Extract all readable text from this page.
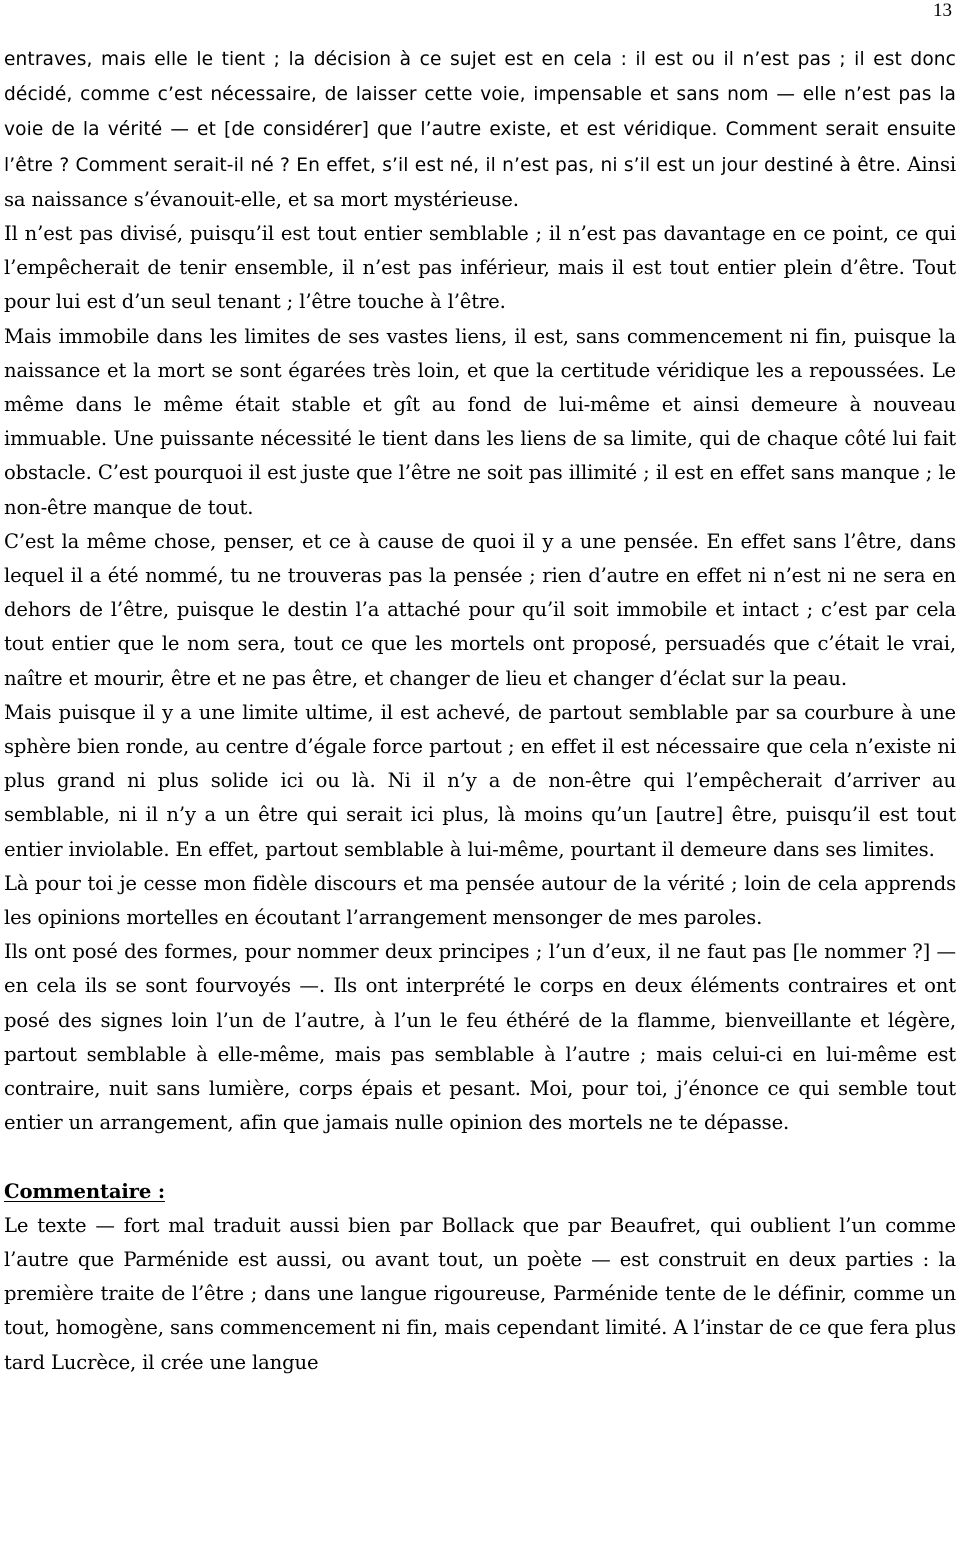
13

entraves, mais elle le tient ; la décision à ce sujet est en cela : il est ou il n’est pas ; il est donc décidé, comme c’est nécessaire, de laisser cette voie, impensable et sans nom — elle n’est pas la voie de la vérité — et [de considérer] que l’autre existe, et est véridique. Comment serait ensuite l’être ? Comment serait-il né ? En effet, s’il est né, il n’est pas, ni s’il est un jour destiné à être. Ainsi sa naissance s’évanouit-elle, et sa mort mystérieuse.

Il n’est pas divisé, puisqu’il est tout entier semblable ; il n’est pas davantage en ce point, ce qui l’empêcherait de tenir ensemble, il n’est pas inférieur, mais il est tout entier plein d’être. Tout pour lui est d’un seul tenant ; l’être touche à l’être.

Mais immobile dans les limites de ses vastes liens, il est, sans commencement ni fin, puisque la naissance et la mort se sont égarées très loin, et que la certitude véridique les a repoussées. Le même dans le même était stable et gît au fond de lui-même et ainsi demeure à nouveau immuable. Une puissante nécessité le tient dans les liens de sa limite, qui de chaque côté lui fait obstacle. C’est pourquoi il est juste que l’être ne soit pas illimité ; il est en effet sans manque ; le non-être manque de tout.

C’est la même chose, penser, et ce à cause de quoi il y a une pensée. En effet sans l’être, dans lequel il a été nommé, tu ne trouveras pas la pensée ; rien d’autre en effet ni n’est ni ne sera en dehors de l’être, puisque le destin l’a attaché pour qu’il soit immobile et intact ; c’est par cela tout entier que le nom sera, tout ce que les mortels ont proposé, persuadés que c’était le vrai, naître et mourir, être et ne pas être, et changer de lieu et changer d’éclat sur la peau.

Mais puisque il y a une limite ultime, il est achevé, de partout semblable par sa courbure à une sphère bien ronde, au centre d’égale force partout ; en effet il est nécessaire que cela n’existe ni plus grand ni plus solide ici ou là. Ni il n’y a de non-être qui l’empêcherait d’arriver au semblable, ni il n’y a un être qui serait ici plus, là moins qu’un [autre] être, puisqu’il est tout entier inviolable. En effet, partout semblable à lui-même, pourtant il demeure dans ses limites.

Là pour toi je cesse mon fidèle discours et ma pensée autour de la vérité ; loin de cela apprends les opinions mortelles en écoutant l’arrangement mensonger de mes paroles.

Ils ont posé des formes, pour nommer deux principes ; l’un d’eux, il ne faut pas [le nommer ?] — en cela ils se sont fourvoyés —. Ils ont interprété le corps en deux éléments contraires et ont posé des signes loin l’un de l’autre, à l’un le feu éthéré de la flamme, bienveillante et légère, partout semblable à elle-même, mais pas semblable à l’autre ; mais celui-ci en lui-même est contraire, nuit sans lumière, corps épais et pesant. Moi, pour toi, j’énonce ce qui semble tout entier un arrangement, afin que jamais nulle opinion des mortels ne te dépasse.

Commentaire :

Le texte — fort mal traduit aussi bien par Bollack que par Beaufret, qui oublient l’un comme l’autre que Parménide est aussi, ou avant tout, un poète — est construit en deux parties : la première traite de l’être ; dans une langue rigoureuse, Parménide tente de le définir, comme un tout, homogène, sans commencement ni fin, mais cependant limité. A l’instar de ce que fera plus tard Lucrèce, il crée une langue
